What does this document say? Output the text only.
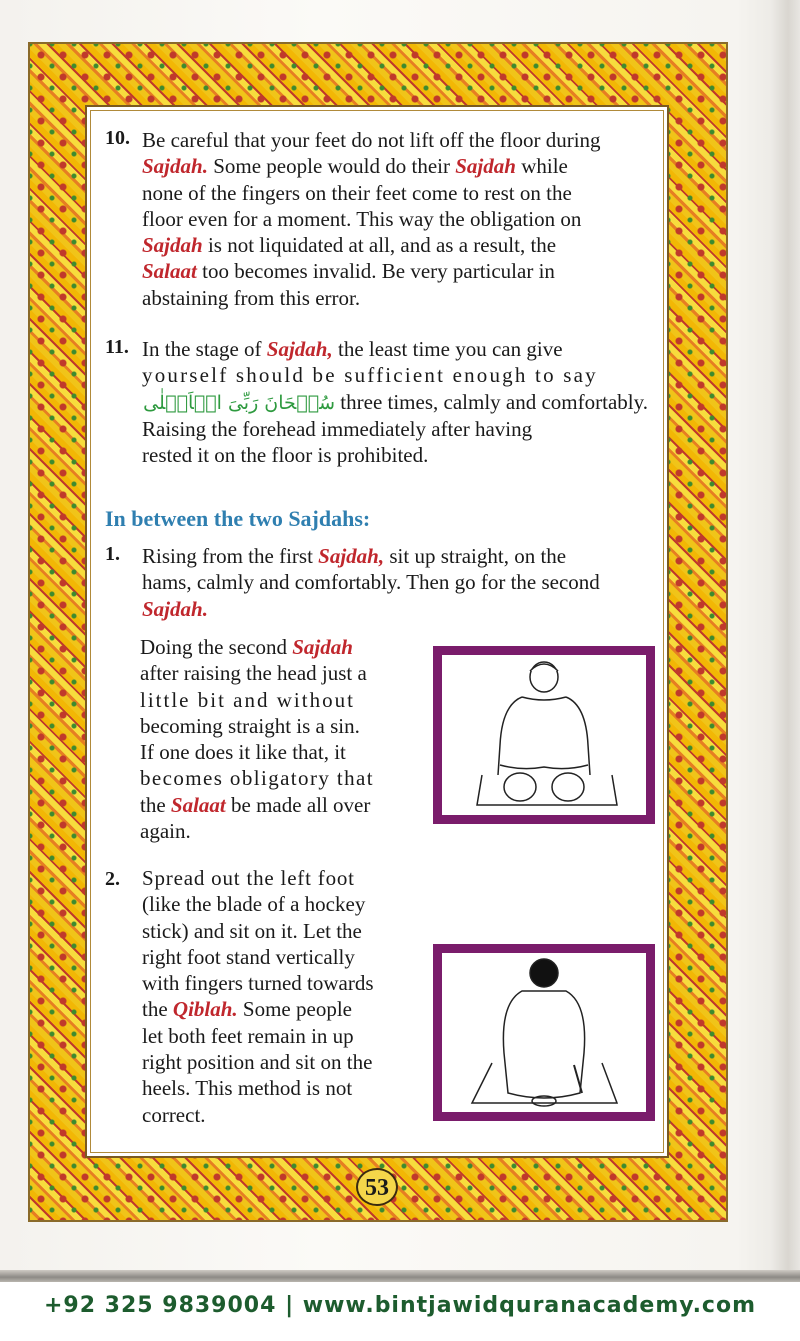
10. Be careful that your feet do not lift off the floor during
Sajdah. Some people would do their Sajdah while
none of the fingers on their feet come to rest on the
floor even for a moment. This way the obligation on
Sajdah is not liquidated at all, and as a result, the
Salaat too becomes invalid. Be very particular in
abstaining from this error.
11. In the stage of Sajdah, the least time you can give
yourself should be sufficient enough to say
سُبۡحَانَ رَبِّیَ الۡاَعۡلٰی three times, calmly and comfortably.
Raising the forehead immediately after having
rested it on the floor is prohibited.
In between the two Sajdahs:
1. Rising from the first Sajdah, sit up straight, on the
hams, calmly and comfortably. Then go for the second
Sajdah.
Doing the second Sajdah
after raising the head just a
little bit and without
becoming straight is a sin.
If one does it like that, it
becomes obligatory that
the Salaat be made all over
again.
2. Spread out the left foot
(like the blade of a hockey
stick) and sit on it. Let the
right foot stand vertically
with fingers turned towards
the Qiblah. Some people
let both feet remain in up
right position and sit on the
heels. This method is not
correct.
53
+92 325 9839004 | www.bintjawidquranacademy.com
